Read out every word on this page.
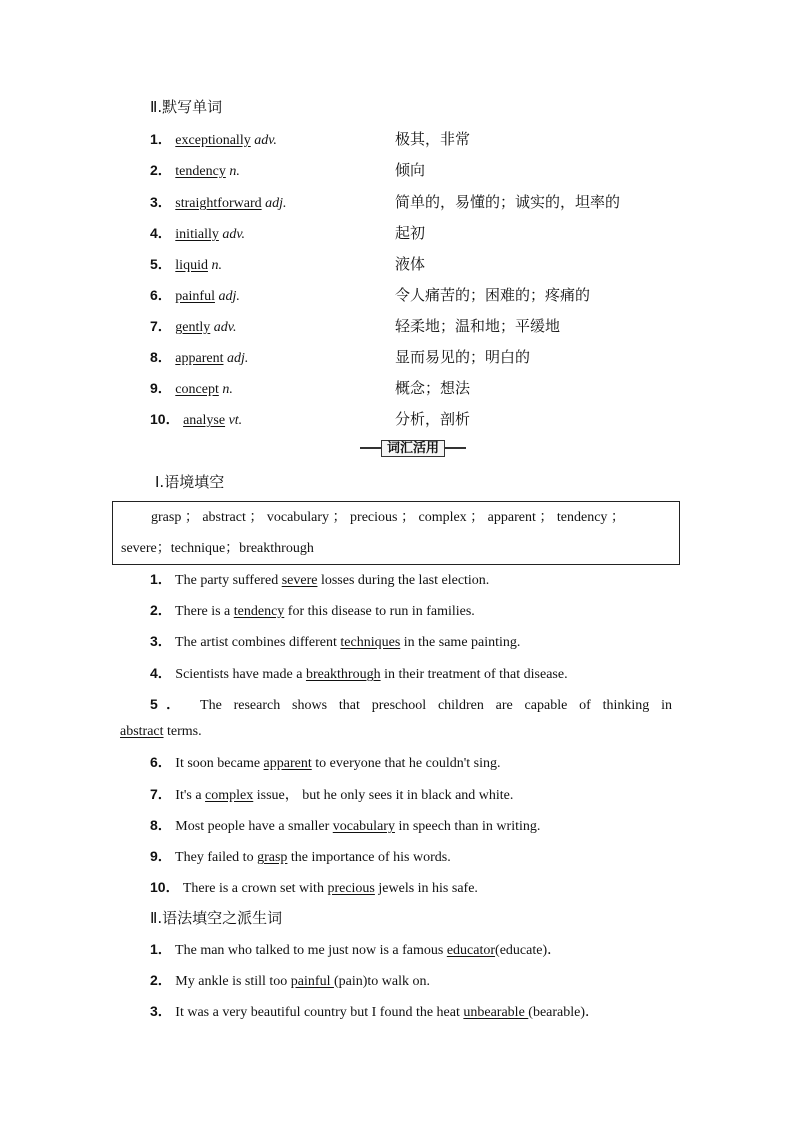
Ⅱ.默写单词
1． exceptionally adv.	极其，非常
2． tendency n.	倾向
3． straightforward adj.	简单的，易懂的；诚实的，坦率的
4． initially adv.	起初
5． liquid n.	液体
6． painful adj.	令人痛苦的；困难的；疼痛的
7． gently adv.	轻柔地；温和地；平缓地
8． apparent adj.	显而易见的；明白的
9． concept n.	概念；想法
10． analyse vt.	分析，剖析
词汇活用
Ⅰ.语境填空
grasp ； abstract ； vocabulary ； precious ； complex ； apparent ； tendency ；
severe；technique；breakthrough
1． The party suffered severe losses during the last election.
2． There is a tendency for this disease to run in families.
3． The artist combines different techniques in the same painting.
4． Scientists have made a breakthrough in their treatment of that disease.
5． The research shows that preschool children are capable of thinking in
abstract terms.
6． It soon became apparent to everyone that he couldn't sing.
7． It's a complex issue， but he only sees it in black and white.
8． Most people have a smaller vocabulary in speech than in writing.
9． They failed to grasp the importance of his words.
10． There is a crown set with precious jewels in his safe.
Ⅱ.语法填空之派生词
1． The man who talked to me just now is a famous educator(educate)．
2． My ankle is still too painful (pain)to walk on.
3． It was a very beautiful country but I found the heat unbearable (bearable)．
